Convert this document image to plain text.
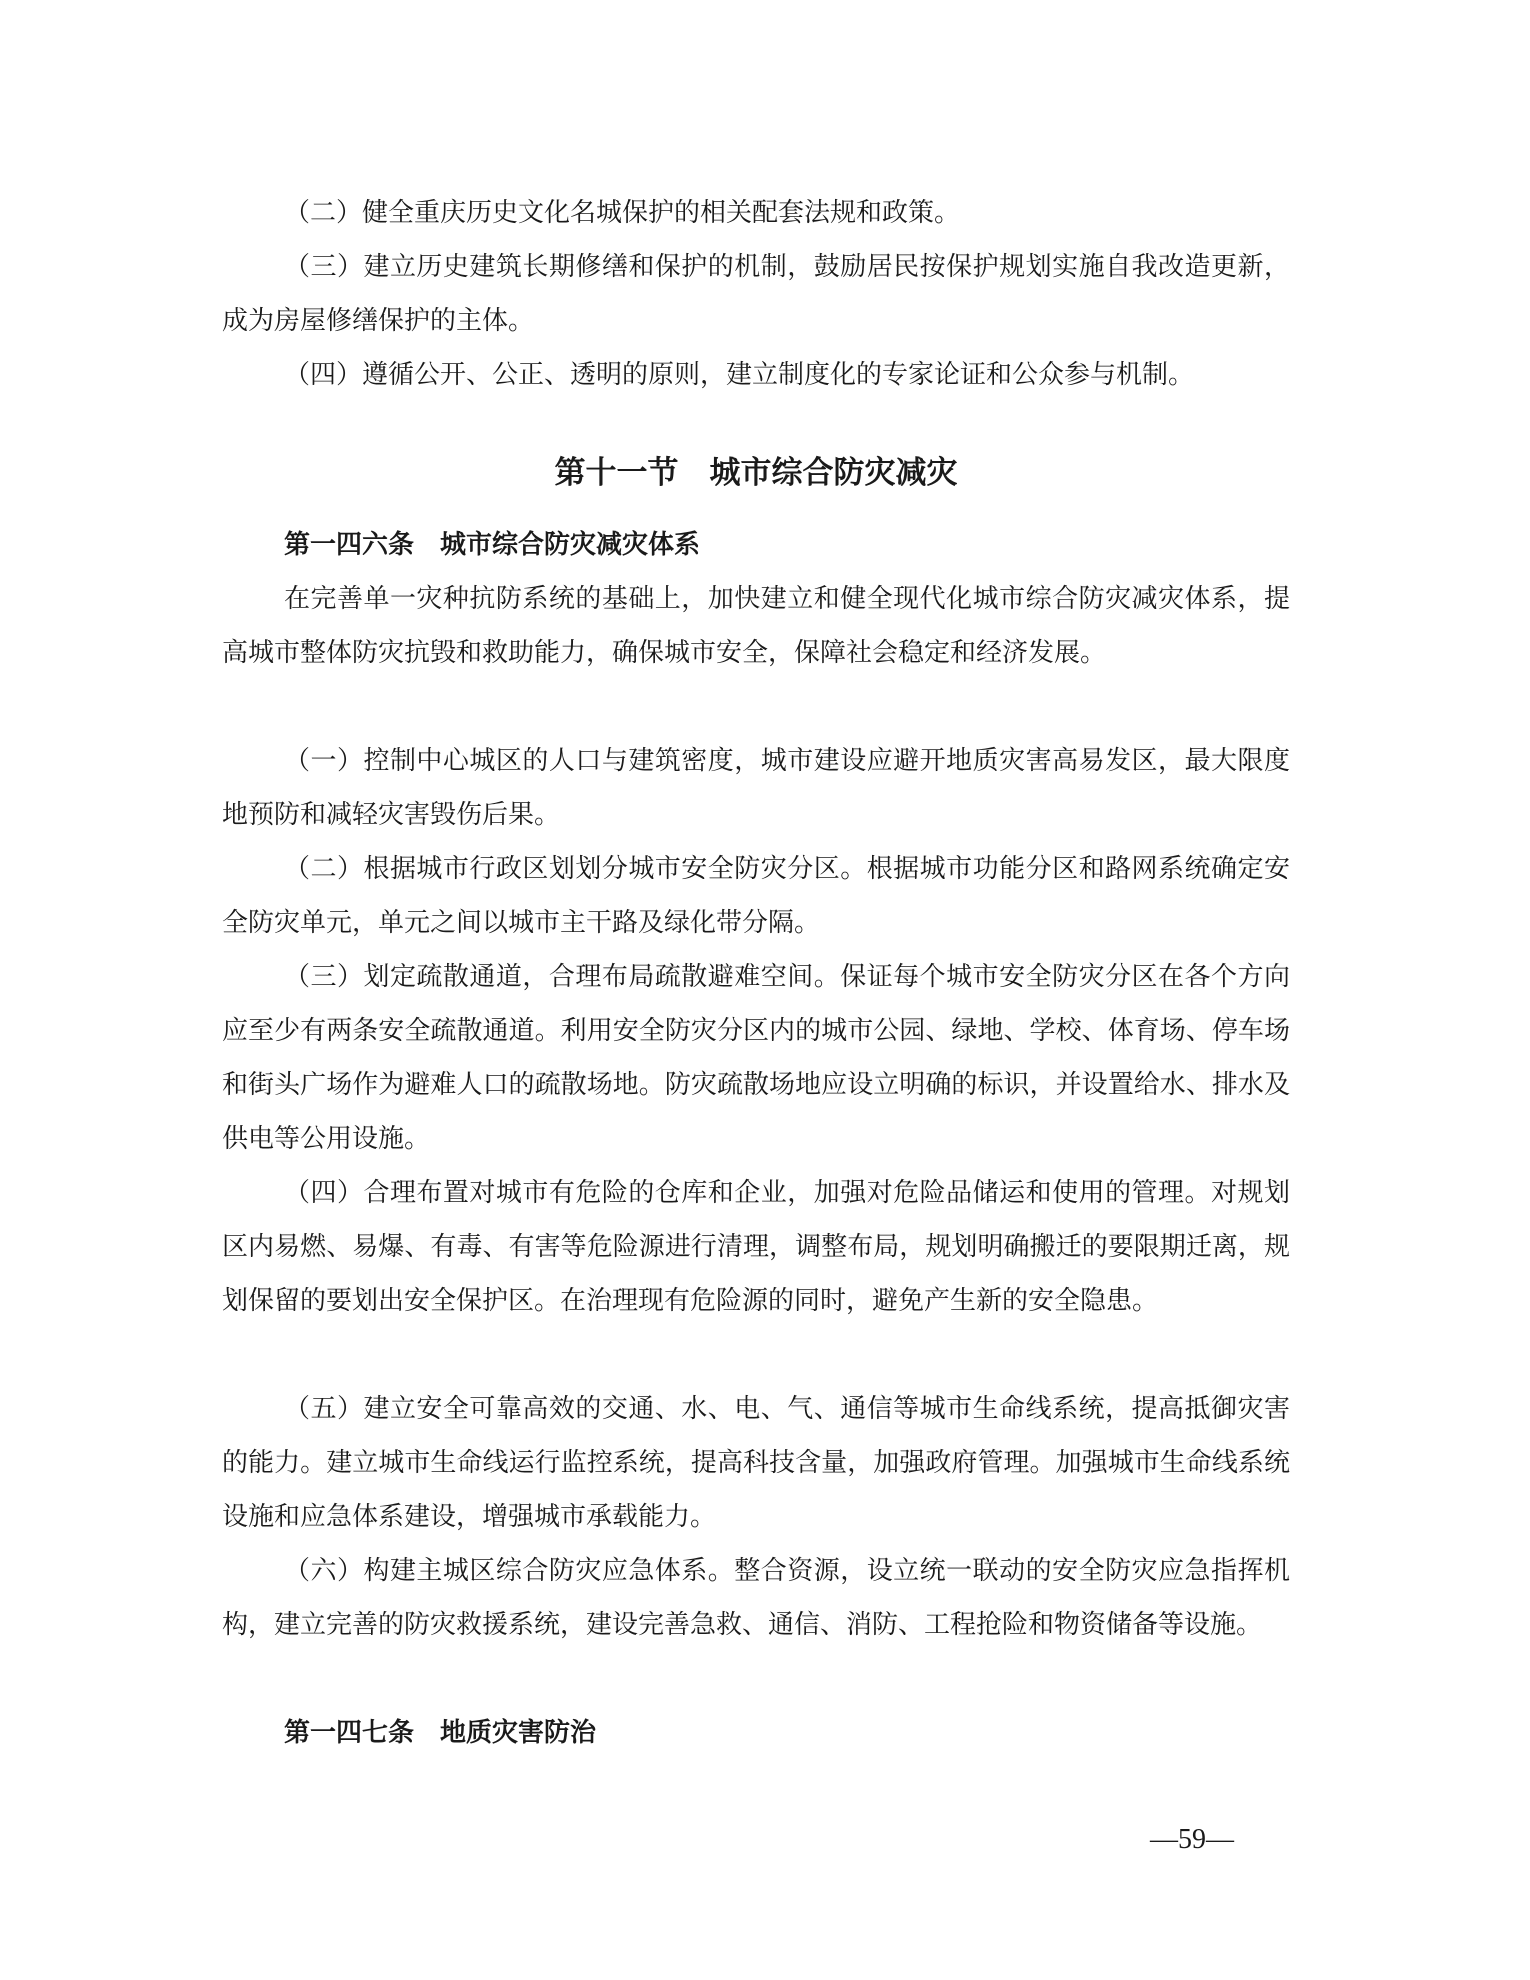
（二）健全重庆历史文化名城保护的相关配套法规和政策。

（三）建立历史建筑长期修缮和保护的机制，鼓励居民按保护规划实施自我改造更新，成为房屋修缮保护的主体。

（四）遵循公开、公正、透明的原则，建立制度化的专家论证和公众参与机制。

第十一节　城市综合防灾减灾
第一四六条　城市综合防灾减灾体系

在完善单一灾种抗防系统的基础上，加快建立和健全现代化城市综合防灾减灾体系，提高城市整体防灾抗毁和救助能力，确保城市安全，保障社会稳定和经济发展。

（一）控制中心城区的人口与建筑密度，城市建设应避开地质灾害高易发区，最大限度地预防和减轻灾害毁伤后果。

（二）根据城市行政区划划分城市安全防灾分区。根据城市功能分区和路网系统确定安全防灾单元，单元之间以城市主干路及绿化带分隔。

（三）划定疏散通道，合理布局疏散避难空间。保证每个城市安全防灾分区在各个方向应至少有两条安全疏散通道。利用安全防灾分区内的城市公园、绿地、学校、体育场、停车场和街头广场作为避难人口的疏散场地。防灾疏散场地应设立明确的标识，并设置给水、排水及供电等公用设施。

（四）合理布置对城市有危险的仓库和企业，加强对危险品储运和使用的管理。对规划区内易燃、易爆、有毒、有害等危险源进行清理，调整布局，规划明确搬迁的要限期迁离，规划保留的要划出安全保护区。在治理现有危险源的同时，避免产生新的安全隐患。

（五）建立安全可靠高效的交通、水、电、气、通信等城市生命线系统，提高抵御灾害的能力。建立城市生命线运行监控系统，提高科技含量，加强政府管理。加强城市生命线系统设施和应急体系建设，增强城市承载能力。

（六）构建主城区综合防灾应急体系。整合资源，设立统一联动的安全防灾应急指挥机构，建立完善的防灾救援系统，建设完善急救、通信、消防、工程抢险和物资储备等设施。

第一四七条　地质灾害防治
—59—
